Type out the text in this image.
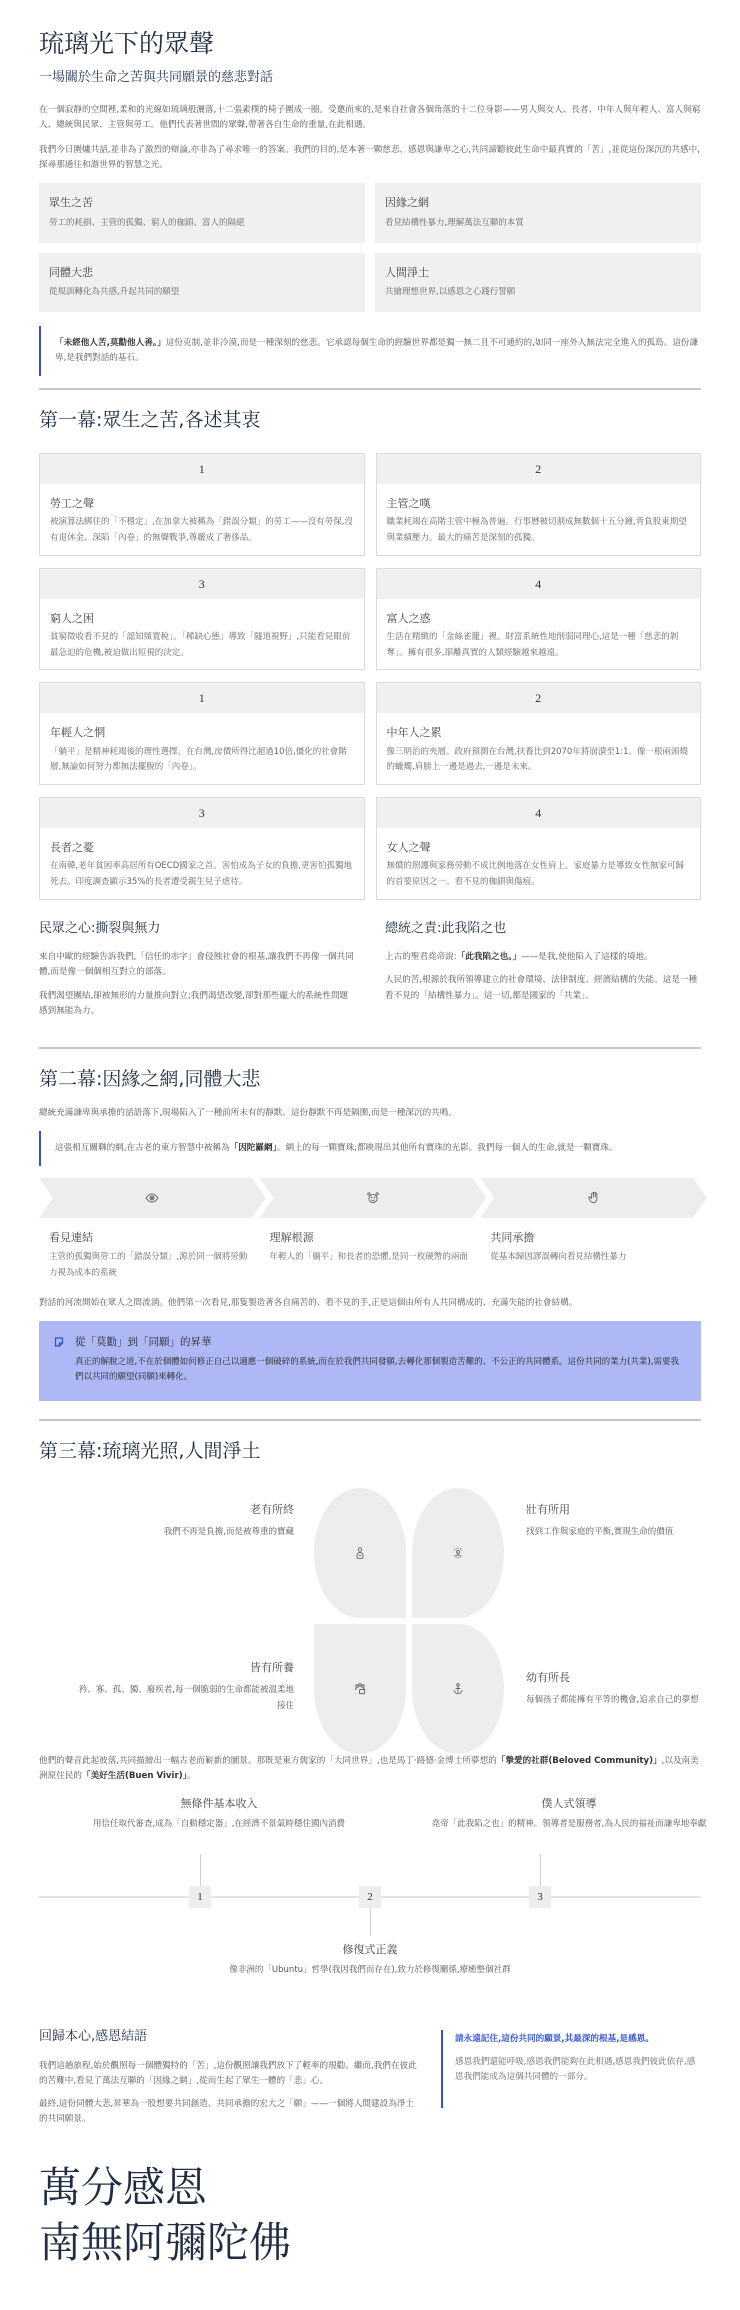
琉璃光下的眾聲
一場關於生命之苦與共同願景的慈悲對話

在一個寂靜的空間裡,柔和的光線如琉璃般灑落,十二張素樸的椅子圍成一圈。受邀而來的,是來自社會各個角落的十二位身影——男人與女人、長者、中年人與年輕人、富人與窮人、總統與民眾、主管與勞工。他們代表著世間的眾聲,帶著各自生命的重量,在此相遇。

我們今日圍爐共話,並非為了激烈的辯論,亦非為了尋求唯一的答案。我們的目的,是本著一顆慈悲、感恩與謙卑之心,共同諦聽彼此生命中最真實的「苦」,並從這份深沉的共感中,探尋那通往和諧世界的智慧之光。

眾生之苦
勞工的耗損、主管的孤獨、窮人的枷鎖、富人的隔絕
因緣之網
看見結構性暴力,理解萬法互聯的本質
同體大悲
從規訓轉化為共感,升起共同的願望
人間淨土
共繪理想世界,以感恩之心踐行誓願
「未經他人苦,莫勸他人善。」這份克制,並非冷漠,而是一種深刻的慈悲。它承認每個生命的經驗世界都是獨一無二且不可通約的,如同一座外人無法完全進入的孤島。這份謙卑,是我們對話的基石。
第一幕:眾生之苦,各述其衷
1
勞工之聲
被演算法綁住的「不穩定」,在加拿大被稱為「錯誤分類」的勞工——沒有勞保,沒有退休金。深陷「內卷」的無聲戰爭,尊嚴成了奢侈品。
2
主管之嘆
職業耗竭在高階主管中極為普遍。行事曆被切割成無數個十五分鐘,背負股東期望與業績壓力。最大的痛苦是深刻的孤獨。
3
窮人之困
貧窮徵收看不見的「認知頻寬稅」。「稀缺心態」導致「隧道視野」,只能看見眼前最急迫的危機,被迫做出短視的決定。
4
富人之惑
生活在精緻的「金絲雀籠」裡。財富系統性地削弱同理心,這是一種「慈悲的剝奪」。擁有很多,卻離真實的人類經驗越來越遠。
1
年輕人之惘
「躺平」是精神耗竭後的理性選擇。在台灣,房價所得比超過10倍,僵化的社會階層,無論如何努力都無法擺脫的「內卷」。
2
中年人之累
像三明治的夾層。政府預測在台灣,扶養比到2070年將崩潰至1:1。像一根兩頭燒的蠟燭,肩膀上一邊是過去,一邊是未來。
3
長者之憂
在南韓,老年貧困率高居所有OECD國家之首。害怕成為子女的負擔,更害怕孤獨地死去。印度調查顯示35%的長者遭受親生兒子虐待。
4
女人之聲
無償的照護與家務勞動不成比例地落在女性肩上。家庭暴力是導致女性無家可歸的首要原因之一。看不見的枷鎖與傷痕。
民眾之心:撕裂與無力

來自中歐的經驗告訴我們,「信任的赤字」會侵蝕社會的根基,讓我們不再像一個共同體,而是像一個個相互對立的部落。

我們渴望團結,卻被無形的力量推向對立;我們渴望改變,卻對那些龐大的系統性問題感到無能為力。

總統之責:此我陷之也

上古的聖君堯帝說:「此我陷之也。」——是我,使他陷入了這樣的境地。

人民的苦,根源於我所領導建立的社會環境、法律制度、經濟結構的失能。這是一種看不見的「結構性暴力」。這一切,都是國家的「共業」。

第二幕:因緣之網,同體大悲

總統充滿謙卑與承擔的話語落下,現場陷入了一種前所未有的靜默。這份靜默不再是隔閡,而是一種深沉的共鳴。

這張相互關聯的網,在古老的東方智慧中被稱為「因陀羅網」。網上的每一顆寶珠,都映現出其他所有寶珠的光影。我們每一個人的生命,就是一顆寶珠。
看見連結
主管的孤獨與勞工的「錯誤分類」,源於同一個將勞動力視為成本的系統
理解根源
年輕人的「躺平」和長者的恐懼,是同一枚硬幣的兩面
共同承擔
從基本歸因謬誤轉向看見結構性暴力

對話的河流開始在眾人之間流淌。他們第一次看見,那隻製造著各自痛苦的、看不見的手,正是這個由所有人共同構成的、充滿失能的社會結構。

從「莫勸」到「同願」的昇華
真正的解脫之道,不在於個體如何修正自己以適應一個破碎的系統,而在於我們共同發願,去轉化那個製造苦難的、不公正的共同體系。這份共同的業力(共業),需要我們以共同的願望(同願)來轉化。
第三幕:琉璃光照,人間淨土
老有所終
我們不再是負擔,而是被尊重的寶藏
壯有所用
找到工作與家庭的平衡,實現生命的價值
皆有所養
矜、寡、孤、獨、廢疾者,每一個脆弱的生命都能被溫柔地接住
幼有所長
每個孩子都能擁有平等的機會,追求自己的夢想

他們的聲音此起彼落,共同描繪出一幅古老而嶄新的圖景。那既是東方儒家的「大同世界」,也是馬丁·路德·金博士所夢想的「摯愛的社群(Beloved Community)」,以及南美洲原住民的「美好生活(Buen Vivir)」。

無條件基本收入
用信任取代審查,成為「自動穩定器」,在經濟不景氣時穩住國內消費
1	2
修復式正義
像非洲的「Ubuntu」哲學(我因我們而存在),致力於修復關係,療癒整個社群
僕人式領導
堯帝「此我陷之也」的精神。領導者是服務者,為人民的福祉而謙卑地奉獻
3
回歸本心,感恩結語

我們這趟旅程,始於觀照每一個體獨特的「苦」,這份觀照讓我們放下了輕率的規勸。繼而,我們在彼此的苦難中,看見了萬法互聯的「因緣之網」,從而生起了眾生一體的「悲」心。

最終,這份同體大悲,昇華為一股想要共同創造、共同承擔的宏大之「願」——一個將人間建設為淨土的共同願景。

請永遠記住,這份共同的願景,其最深的根基,是感恩。

感恩我們還能呼吸,感恩我們能夠在此相遇,感恩我們彼此依存,感恩我們能成為這個共同體的一部分。

萬分感恩
南無阿彌陀佛
